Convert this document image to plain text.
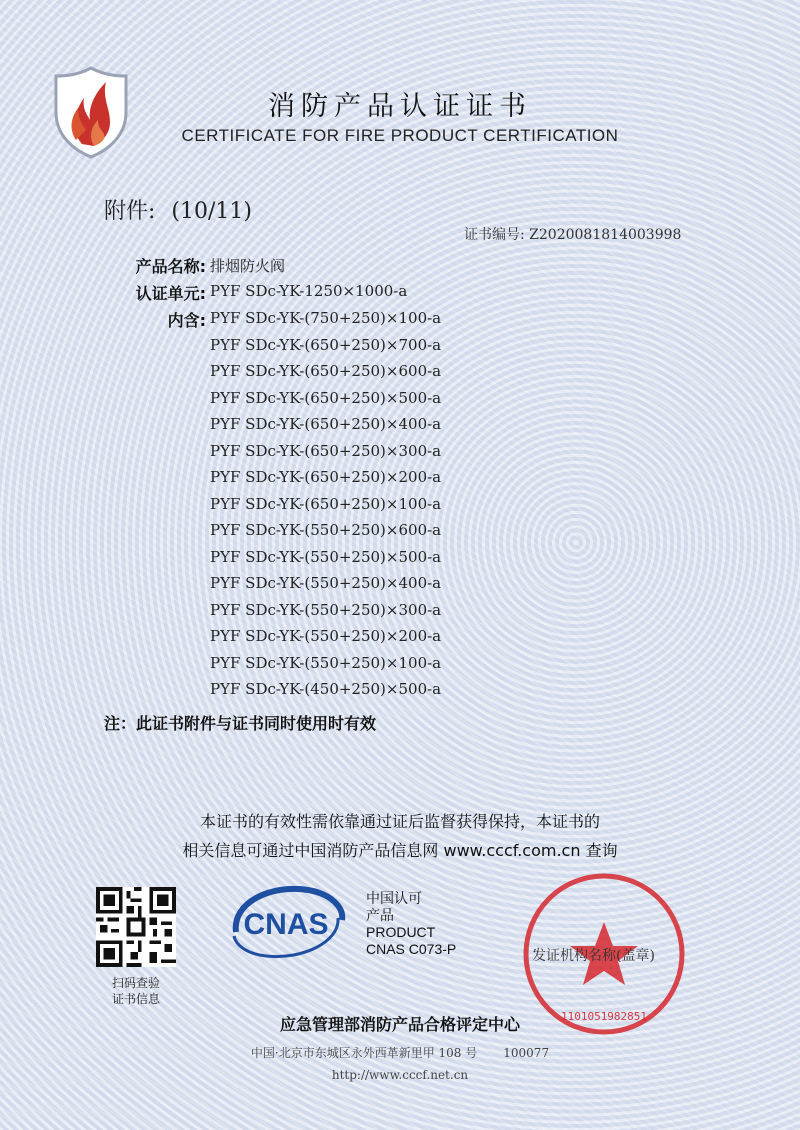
消防产品认证证书
CERTIFICATE FOR FIRE PRODUCT CERTIFICATION
附件: (10/11)
证书编号: Z2020081814003998
产品名称: 排烟防火阀
认证单元: PYF SDc-YK-1250×1000-a
内含: PYF SDc-YK-(750+250)×100-a
PYF SDc-YK-(650+250)×700-a
PYF SDc-YK-(650+250)×600-a
PYF SDc-YK-(650+250)×500-a
PYF SDc-YK-(650+250)×400-a
PYF SDc-YK-(650+250)×300-a
PYF SDc-YK-(650+250)×200-a
PYF SDc-YK-(650+250)×100-a
PYF SDc-YK-(550+250)×600-a
PYF SDc-YK-(550+250)×500-a
PYF SDc-YK-(550+250)×400-a
PYF SDc-YK-(550+250)×300-a
PYF SDc-YK-(550+250)×200-a
PYF SDc-YK-(550+250)×100-a
PYF SDc-YK-(450+250)×500-a
注：此证书附件与证书同时使用时有效
本证书的有效性需依靠通过证后监督获得保持，本证书的
相关信息可通过中国消防产品信息网 www.cccf.com.cn 查询
扫码查验
证书信息
CNAS
中国认可
产品
PRODUCT
CNAS C073-P
1101051982851
发证机构名称(盖章)
应急管理部消防产品合格评定中心
中国·北京市东城区永外西革新里甲 108 号 100077
http://www.cccf.net.cn
